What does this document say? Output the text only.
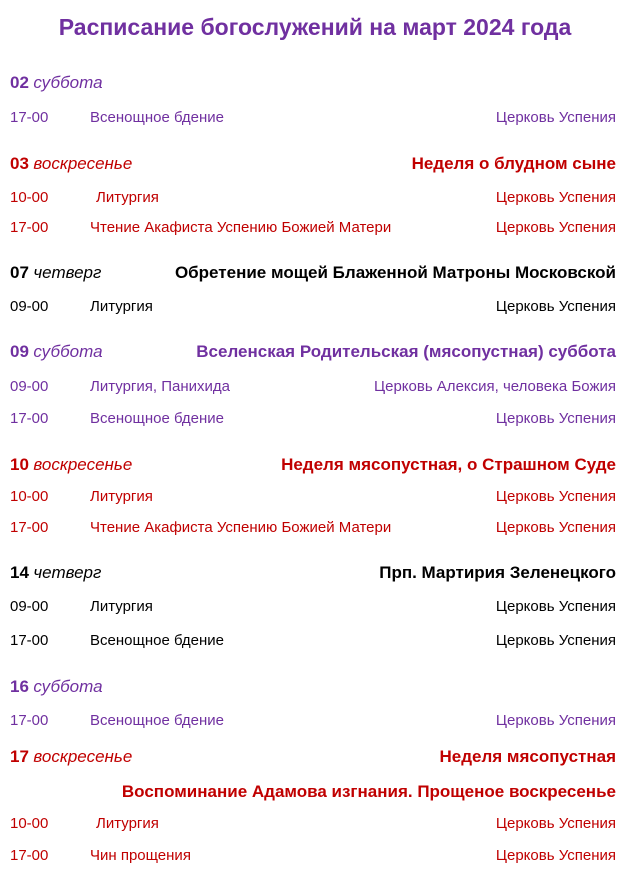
Расписание богослужений на март 2024 года
02 суббота
17-00	Всенощное бдение	Церковь Успения
03 воскресенье	Неделя о блудном сыне
10-00	Литургия	Церковь Успения
17-00	Чтение Акафиста Успению Божией Матери	Церковь Успения
07 четверг	Обретение мощей Блаженной Матроны Московской
09-00	Литургия	Церковь Успения
09 суббота	Вселенская Родительская (мясопустная) суббота
09-00	Литургия, Панихида	Церковь Алексия, человека Божия
17-00	Всенощное бдение	Церковь Успения
10 воскресенье	Неделя мясопустная, о Страшном Суде
10-00	Литургия	Церковь Успения
17-00	Чтение Акафиста Успению Божией Матери	Церковь Успения
14 четверг	Прп. Мартирия Зеленецкого
09-00	Литургия	Церковь Успения
17-00	Всенощное бдение	Церковь Успения
16 суббота
17-00	Всенощное бдение	Церковь Успения
17 воскресенье	Неделя мясопустная
Воспоминание Адамова изгнания. Прощеное воскресенье
10-00	Литургия	Церковь Успения
17-00	Чин прощения	Церковь Успения
